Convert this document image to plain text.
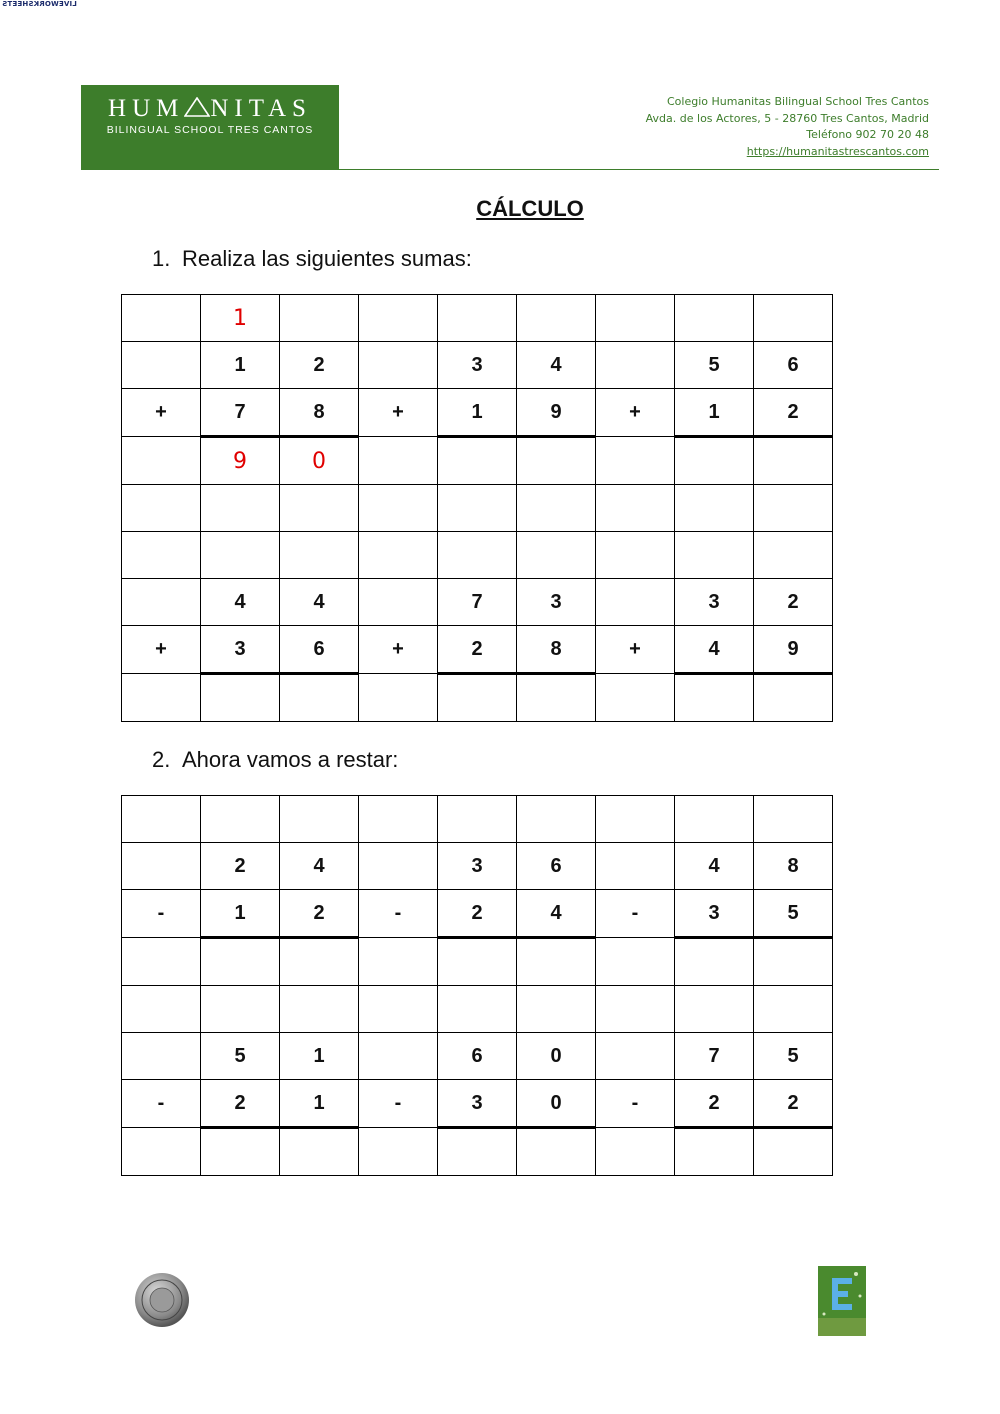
LIVEWORKSHEETS
HUM NITAS
BILINGUAL SCHOOL TRES CANTOS
Colegio Humanitas Bilingual School Tres Cantos
Avda. de los Actores, 5 - 28760 Tres Cantos, Madrid
Teléfono 902 70 20 48
https://humanitastrescantos.com
CÁLCULO
1. Realiza las siguientes sumas:
	1							
	1	2		3	4		5	6
+	7	8	+	1	9	+	1	2
	9	0						

	4	4		7	3		3	2
+	3	6	+	2	8	+	4	9

2. Ahora vamos a restar:

	2	4		3	6		4	8
-	1	2	-	2	4	-	3	5

	5	1		6	0		7	5
-	2	1	-	3	0	-	2	2
